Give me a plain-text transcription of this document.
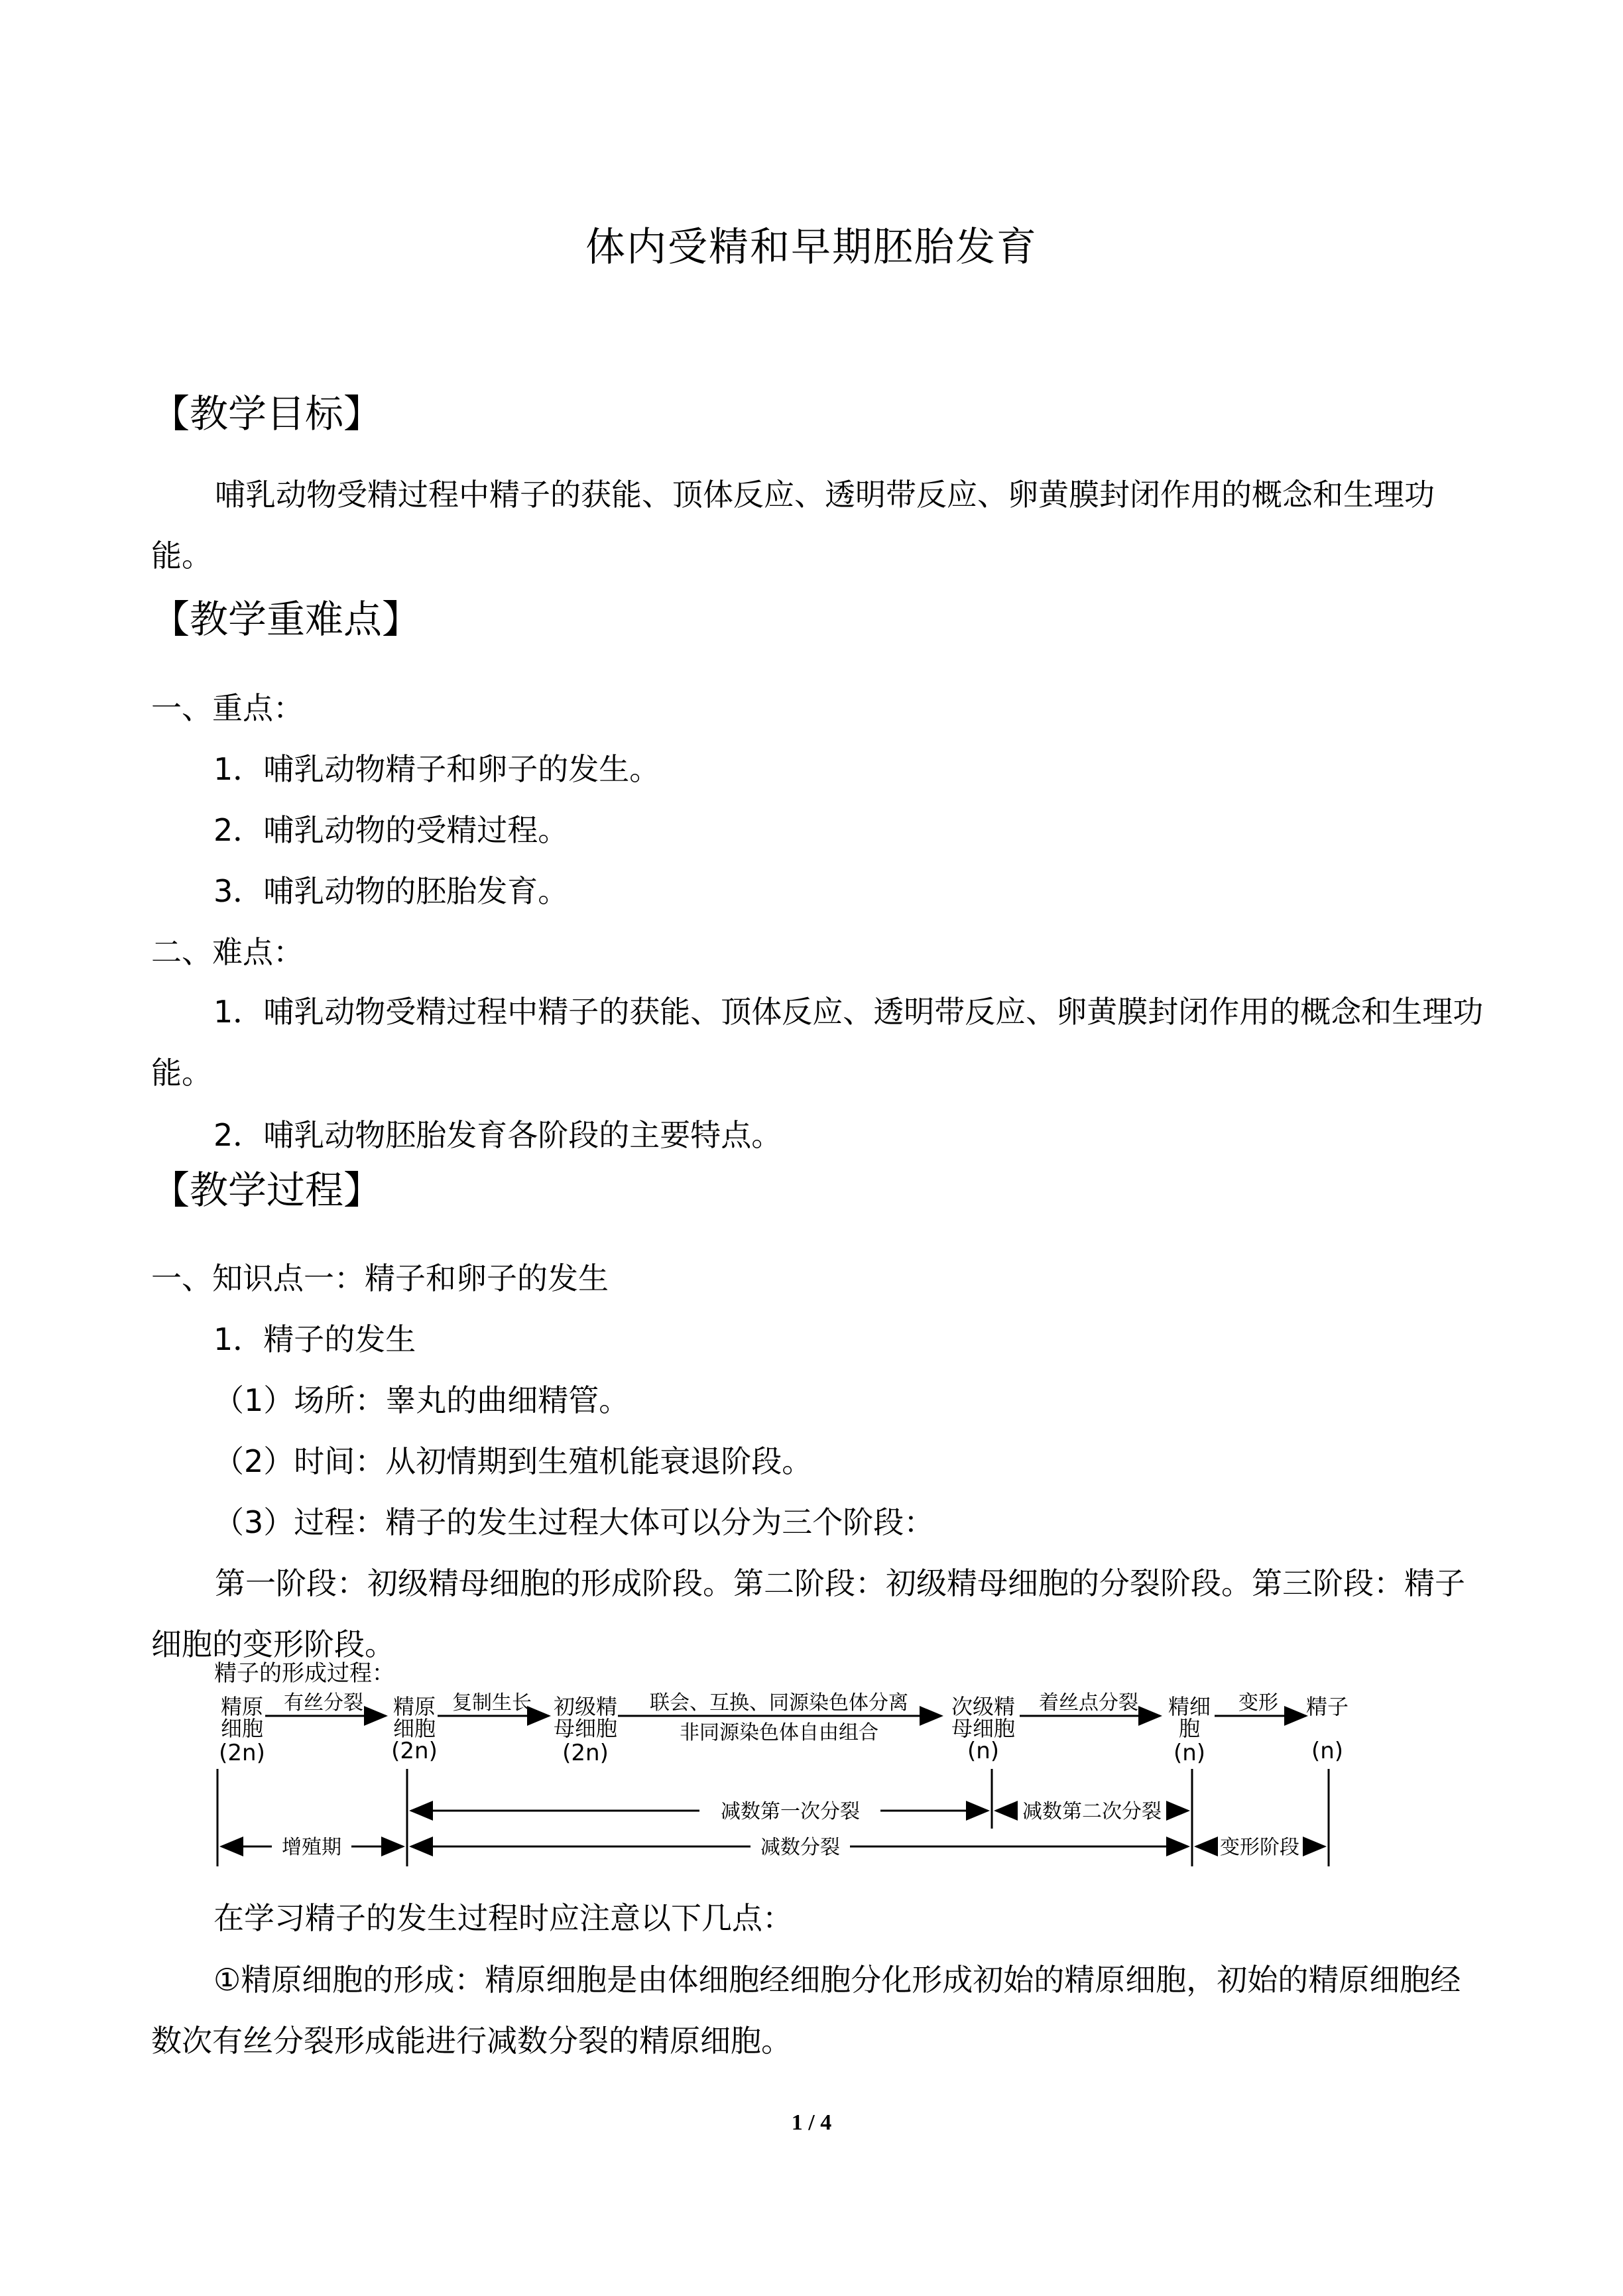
体内受精和早期胚胎发育
【教学目标】
哺乳动物受精过程中精子的获能、顶体反应、透明带反应、卵黄膜封闭作用的概念和生理功能。
【教学重难点】
一、重点：
1．哺乳动物精子和卵子的发生。
2．哺乳动物的受精过程。
3．哺乳动物的胚胎发育。
二、难点：
1．哺乳动物受精过程中精子的获能、顶体反应、透明带反应、卵黄膜封闭作用的概念和生理功能。
2．哺乳动物胚胎发育各阶段的主要特点。
【教学过程】
一、知识点一：精子和卵子的发生
1．精子的发生
（1）场所：睾丸的曲细精管。
（2）时间：从初情期到生殖机能衰退阶段。
（3）过程：精子的发生过程大体可以分为三个阶段：
第一阶段：初级精母细胞的形成阶段。第二阶段：初级精母细胞的分裂阶段。第三阶段：精子细胞的变形阶段。
精子的形成过程：
精原
细胞
(2n)
精原
细胞
(2n)
初级精
母细胞
(2n)
次级精
母细胞
(n)
精细
胞
(n)
精子
(n)
有丝分裂	复制生长	联会、互换、同源染色体分离
非同源染色体自由组合
着丝点分裂	变形
减数第一次分裂	减数第二次分裂
增殖期	减数分裂	变形阶段
在学习精子的发生过程时应注意以下几点：
①精原细胞的形成：精原细胞是由体细胞经细胞分化形成初始的精原细胞，初始的精原细胞经数次有丝分裂形成能进行减数分裂的精原细胞。
1 / 4
